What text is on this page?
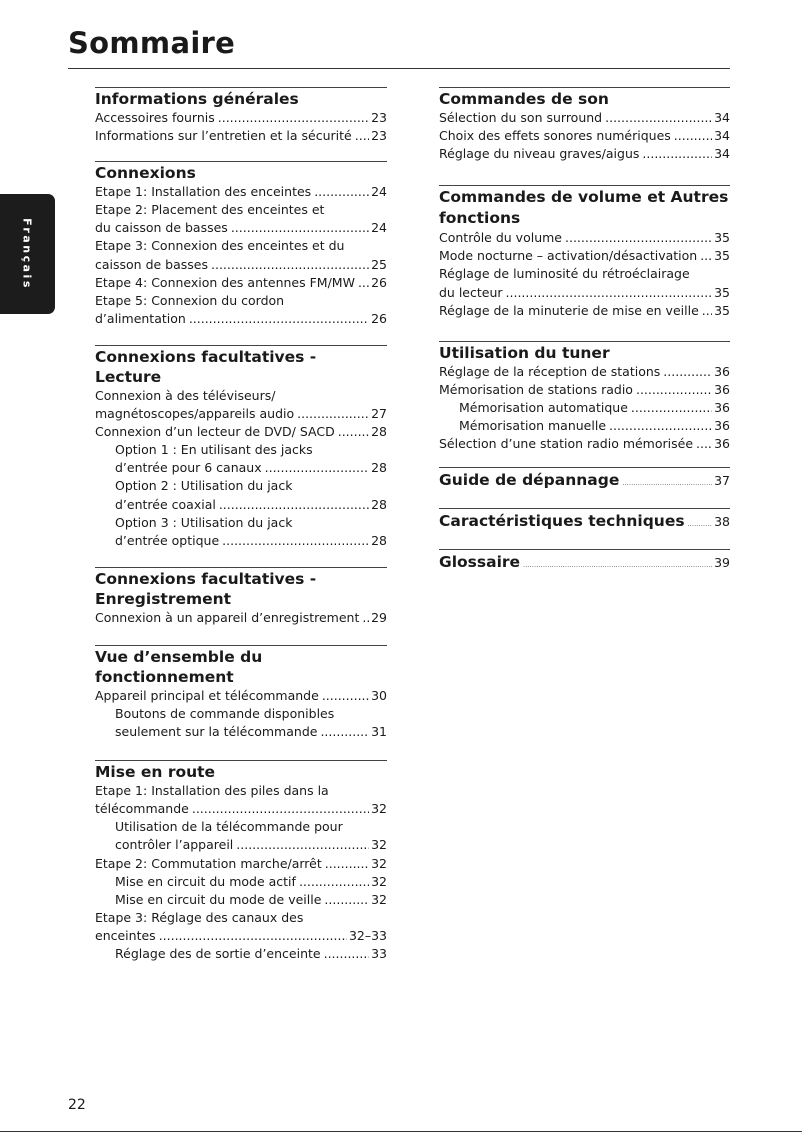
Sommaire
Français
Informations générales
Accessoires fournis .....	23
Informations sur l’entretien et la sécurité ..... 23
Connexions
Etape 1: Installation des enceintes .....	24
Etape 2: Placement des enceintes et
du caisson de basses .....	24
Etape 3: Connexion des enceintes et du
caisson de basses .....	25
Etape 4: Connexion des antennes FM/MW ..... 26
Etape 5: Connexion du cordon
d’alimentation .....	26
Connexions facultatives - Lecture
Connexion à des téléviseurs/
magnétoscopes/appareils audio .....	27
Connexion d’un lecteur de DVD/ SACD .....	28
Option 1 : En utilisant des jacks
d’entrée pour 6 canaux .....	28
Option 2 : Utilisation du jack
d’entrée coaxial .....	28
Option 3 : Utilisation du jack
d’entrée optique .....	28
Connexions facultatives - Enregistrement
Connexion à un appareil d’enregistrement ..... 29
Vue d’ensemble du fonctionnement
Appareil principal et télécommande .....	30
Boutons de commande disponibles
seulement sur la télécommande .....	31
Mise en route
Etape 1: Installation des piles dans la
télécommande .....	32
Utilisation de la télécommande pour
contrôler l’appareil .....	32
Etape 2: Commutation marche/arrêt .....	32
Mise en circuit du mode actif .....	32
Mise en circuit du mode de veille .....	32
Etape 3: Réglage des canaux des
enceintes .....	32–33
Réglage des de sortie d’enceinte .....	33
Commandes de son
Sélection du son surround .....	34
Choix des effets sonores numériques .....	34
Réglage du niveau graves/aigus .....	34
Commandes de volume et Autres fonctions
Contrôle du volume .....	35
Mode nocturne – activation/désactivation ..... 35
Réglage de luminosité du rétroéclairage
du lecteur .....	35
Réglage de la minuterie de mise en veille ..... 35
Utilisation du tuner
Réglage de la réception de stations .....	36
Mémorisation de stations radio .....	36
Mémorisation automatique .....	36
Mémorisation manuelle .....	36
Sélection d’une station radio mémorisée ..... 36
Guide de dépannage .....	37
Caractéristiques techniques ..... 38
Glossaire .....	39
22
